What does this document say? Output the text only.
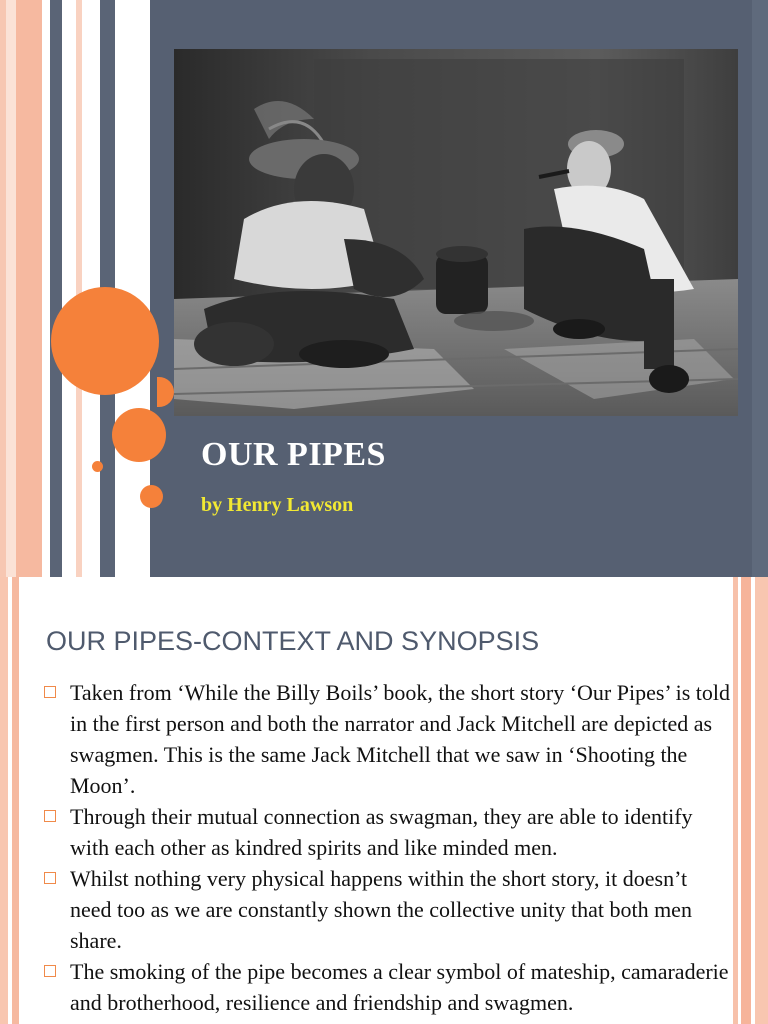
OUR PIPES
by Henry Lawson
OUR PIPES-CONTEXT AND SYNOPSIS
Taken from ‘While the Billy Boils’ book, the short story ‘Our Pipes’ is told in the first person and both the narrator and Jack Mitchell are depicted as swagmen. This is the same Jack Mitchell that we saw in ‘Shooting the Moon’.
Through their mutual connection as swagman, they are able to identify with each other as kindred spirits and like minded men.
Whilst nothing very physical happens within the short story, it doesn’t need too as we are constantly shown the collective unity that both men share.
The smoking of the pipe becomes a clear symbol of mateship, camaraderie and brotherhood, resilience and friendship and swagmen.
